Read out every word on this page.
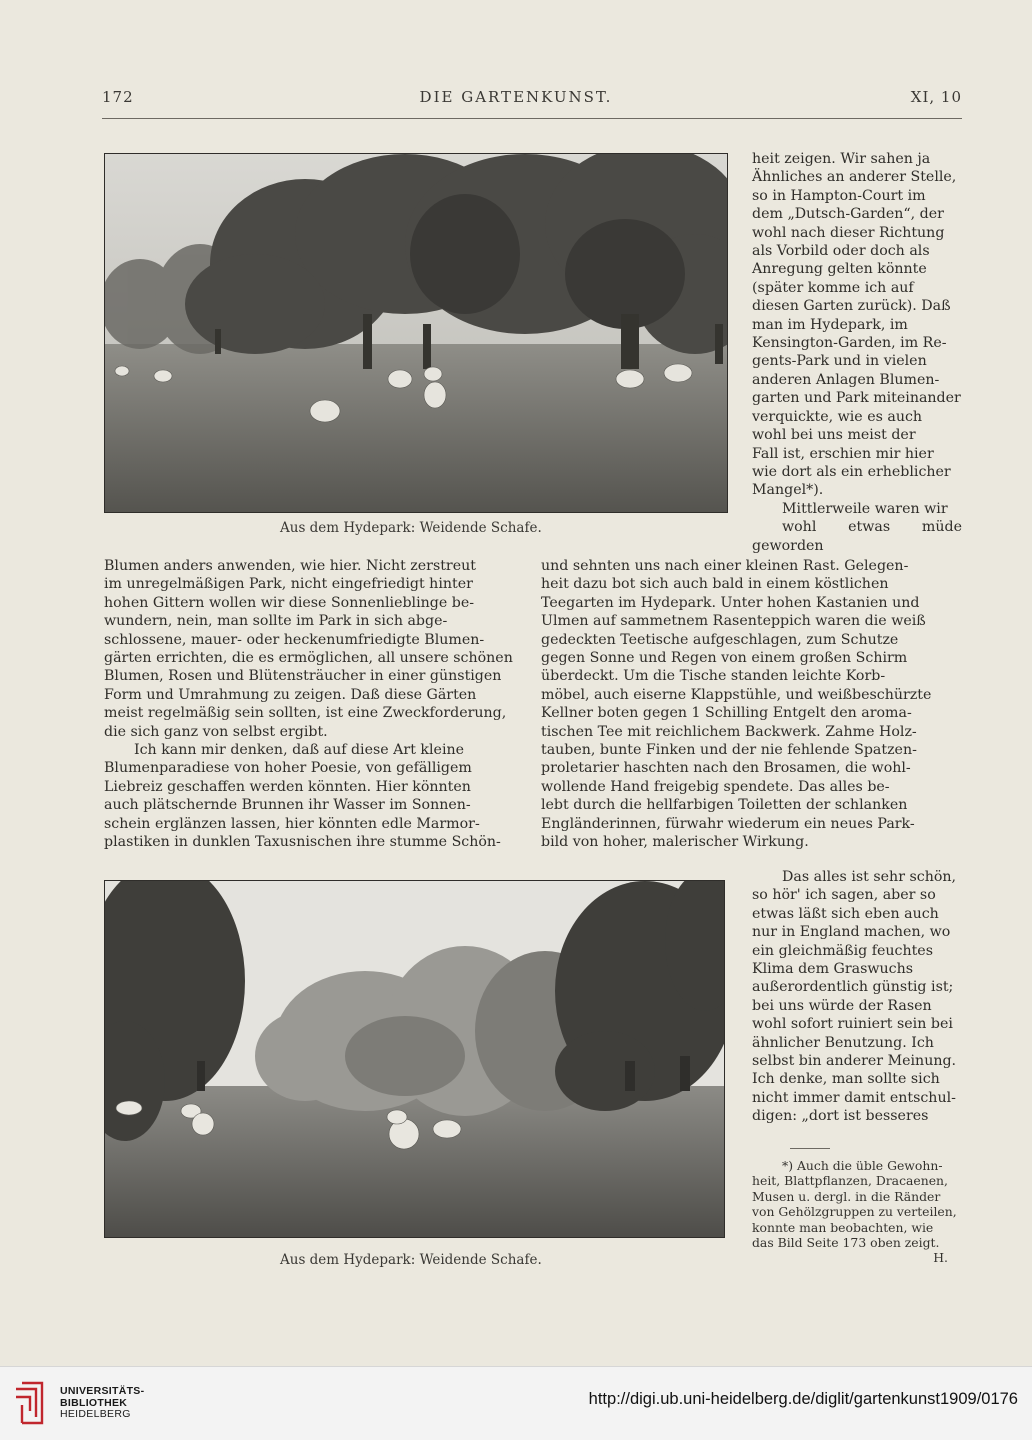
172	DIE GARTENKUNST.	XI, 10
Aus dem Hydepark: Weidende Schafe.

heit zeigen. Wir sahen ja

Ähnliches an anderer Stelle,

so in Hampton-Court im

dem „Dutsch-Garden“, der

wohl nach dieser Richtung

als Vorbild oder doch als

Anregung gelten könnte

(später komme ich auf

diesen Garten zurück). Daß

man im Hydepark, im

Kensington-Garden, im Re-

gents-Park und in vielen

anderen Anlagen Blumen-

garten und Park miteinander

verquickte, wie es auch

wohl bei uns meist der

Fall ist, erschien mir hier

wie dort als ein erheblicher

Mangel*).

Mittlerweile waren wir

wohl etwas müde geworden

Blumen anders anwenden, wie hier. Nicht zerstreut

im unregelmäßigen Park, nicht eingefriedigt hinter

hohen Gittern wollen wir diese Sonnenlieblinge be-

wundern, nein, man sollte im Park in sich abge-

schlossene, mauer- oder heckenumfriedigte Blumen-

gärten errichten, die es ermöglichen, all unsere schönen

Blumen, Rosen und Blütensträucher in einer günstigen

Form und Umrahmung zu zeigen. Daß diese Gärten

meist regelmäßig sein sollten, ist eine Zweckforderung,

die sich ganz von selbst ergibt.

Ich kann mir denken, daß auf diese Art kleine

Blumenparadiese von hoher Poesie, von gefälligem

Liebreiz geschaffen werden könnten. Hier könnten

auch plätschernde Brunnen ihr Wasser im Sonnen-

schein erglänzen lassen, hier könnten edle Marmor-

plastiken in dunklen Taxusnischen ihre stumme Schön-

und sehnten uns nach einer kleinen Rast. Gelegen-

heit dazu bot sich auch bald in einem köstlichen

Teegarten im Hydepark. Unter hohen Kastanien und

Ulmen auf sammetnem Rasenteppich waren die weiß

gedeckten Teetische aufgeschlagen, zum Schutze

gegen Sonne und Regen von einem großen Schirm

überdeckt. Um die Tische standen leichte Korb-

möbel, auch eiserne Klappstühle, und weißbeschürzte

Kellner boten gegen 1 Schilling Entgelt den aroma-

tischen Tee mit reichlichem Backwerk. Zahme Holz-

tauben, bunte Finken und der nie fehlende Spatzen-

proletarier haschten nach den Brosamen, die wohl-

wollende Hand freigebig spendete. Das alles be-

lebt durch die hellfarbigen Toiletten der schlanken

Engländerinnen, fürwahr wiederum ein neues Park-

bild von hoher, malerischer Wirkung.

Aus dem Hydepark: Weidende Schafe.

Das alles ist sehr schön,

so hör' ich sagen, aber so

etwas läßt sich eben auch

nur in England machen, wo

ein gleichmäßig feuchtes

Klima dem Graswuchs

außerordentlich günstig ist;

bei uns würde der Rasen

wohl sofort ruiniert sein bei

ähnlicher Benutzung. Ich

selbst bin anderer Meinung.

Ich denke, man sollte sich

nicht immer damit entschul-

digen: „dort ist besseres

*) Auch die üble Gewohn-
heit, Blattpflanzen, Dracaenen,
Musen u. dergl. in die Ränder
von Gehölzgruppen zu verteilen,
konnte man beobachten, wie
das Bild Seite 173 oben zeigt.
H.
UNIVERSITÄTS-
BIBLIOTHEK
HEIDELBERG
http://digi.ub.uni-heidelberg.de/diglit/gartenkunst1909/0176
